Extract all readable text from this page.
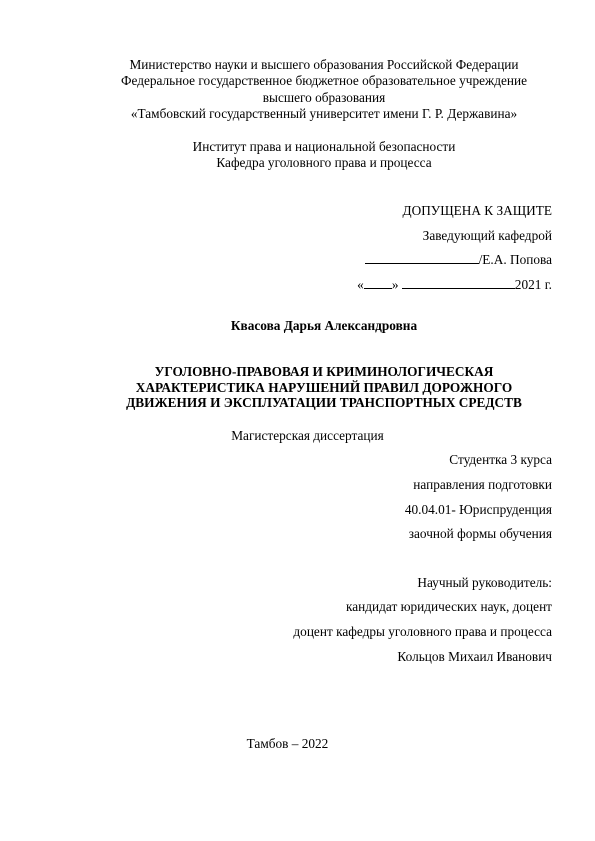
Министерство науки и высшего образования Российской Федерации
Федеральное государственное бюджетное образовательное учреждение
высшего образования
«Тамбовский государственный университет имени Г. Р. Державина»
Институт права и национальной безопасности
Кафедра уголовного права и процесса
ДОПУЩЕНА К ЗАЩИТЕ
Заведующий кафедрой
/Е.А. Попова
« »	2021 г.
Квасова Дарья Александровна
УГОЛОВНО-ПРАВОВАЯ И КРИМИНОЛОГИЧЕСКАЯ
ХАРАКТЕРИСТИКА НАРУШЕНИЙ ПРАВИЛ ДОРОЖНОГО
ДВИЖЕНИЯ И ЭКСПЛУАТАЦИИ ТРАНСПОРТНЫХ СРЕДСТВ
Магистерская диссертация
Студентка 3 курса
направления подготовки
40.04.01- Юриспруденция
заочной формы обучения
Научный руководитель:
кандидат юридических наук, доцент
доцент кафедры уголовного права и процесса
Кольцов Михаил Иванович
Тамбов – 2022
